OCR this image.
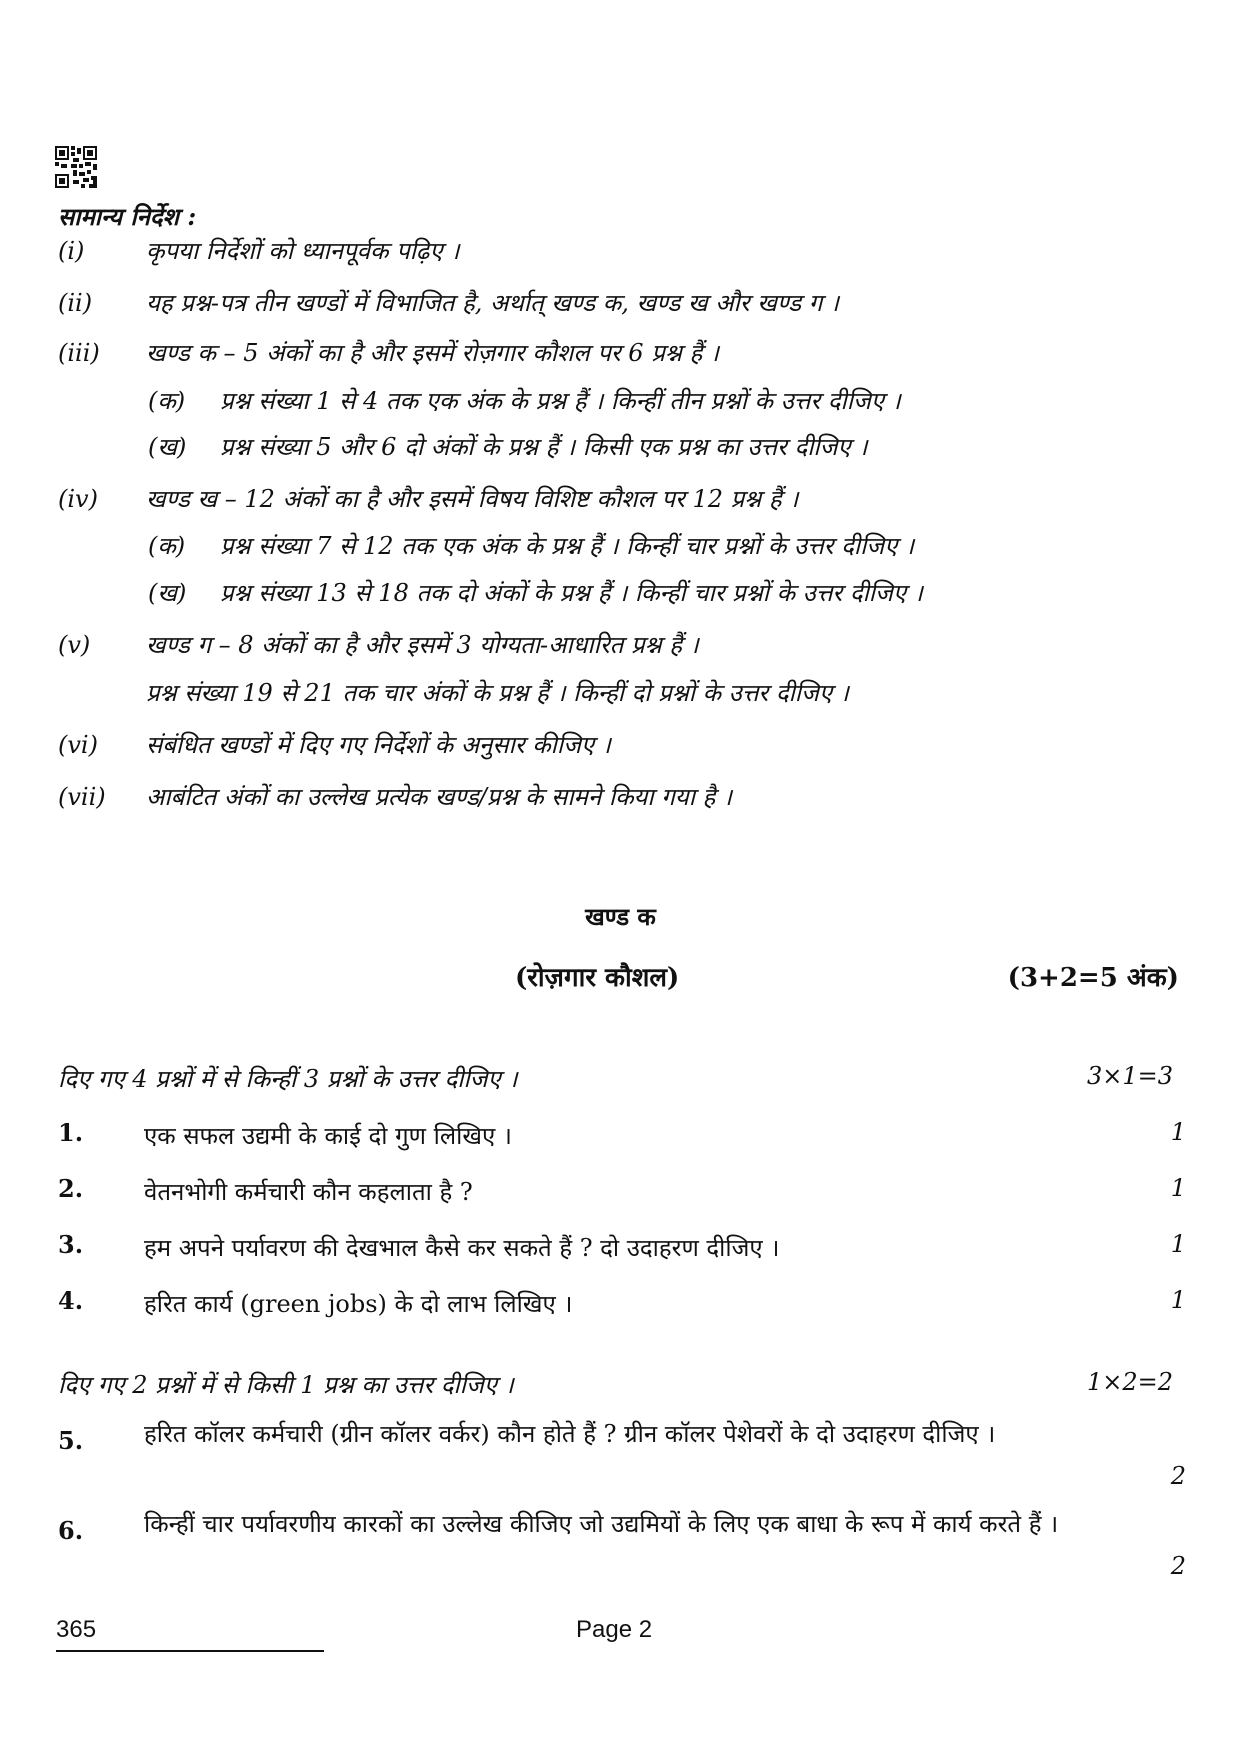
सामान्य निर्देश :
(i)	कृपया निर्देशों को ध्यानपूर्वक पढ़िए ।
(ii)	यह प्रश्न-पत्र तीन खण्डों में विभाजित है, अर्थात् खण्ड क, खण्ड ख और खण्ड ग ।
(iii)	खण्ड क – 5 अंकों का है और इसमें रोज़गार कौशल पर 6 प्रश्न हैं ।
(क) प्रश्न संख्या 1 से 4 तक एक अंक के प्रश्न हैं । किन्हीं तीन प्रश्नों के उत्तर दीजिए ।
(ख) प्रश्न संख्या 5 और 6 दो अंकों के प्रश्न हैं । किसी एक प्रश्न का उत्तर दीजिए ।
(iv)	खण्ड ख – 12 अंकों का है और इसमें विषय विशिष्ट कौशल पर 12 प्रश्न हैं ।
(क) प्रश्न संख्या 7 से 12 तक एक अंक के प्रश्न हैं । किन्हीं चार प्रश्नों के उत्तर दीजिए ।
(ख) प्रश्न संख्या 13 से 18 तक दो अंकों के प्रश्न हैं । किन्हीं चार प्रश्नों के उत्तर दीजिए ।
(v)	खण्ड ग – 8 अंकों का है और इसमें 3 योग्यता-आधारित प्रश्न हैं ।
प्रश्न संख्या 19 से 21 तक चार अंकों के प्रश्न हैं । किन्हीं दो प्रश्नों के उत्तर दीजिए ।
(vi)	संबंधित खण्डों में दिए गए निर्देशों के अनुसार कीजिए ।
(vii)	आबंटित अंकों का उल्लेख प्रत्येक खण्ड/प्रश्न के सामने किया गया है ।
खण्ड क
(रोज़गार कौशल)	(3+2=5 अंक)
दिए गए 4 प्रश्नों में से किन्हीं 3 प्रश्नों के उत्तर दीजिए ।	3×1=3
1.	एक सफल उद्यमी के काई दो गुण लिखिए ।	1
2.	वेतनभोगी कर्मचारी कौन कहलाता है ?	1
3.	हम अपने पर्यावरण की देखभाल कैसे कर सकते हैं ? दो उदाहरण दीजिए ।	1
4.	हरित कार्य (green jobs) के दो लाभ लिखिए ।	1
दिए गए 2 प्रश्नों में से किसी 1 प्रश्न का उत्तर दीजिए ।	1×2=2
5.	हरित कॉलर कर्मचारी (ग्रीन कॉलर वर्कर) कौन होते हैं ? ग्रीन कॉलर पेशेवरों के दो उदाहरण दीजिए ।
2
6.	किन्हीं चार पर्यावरणीय कारकों का उल्लेख कीजिए जो उद्यमियों के लिए एक बाधा के रूप में कार्य करते हैं ।
2
365	Page 2
